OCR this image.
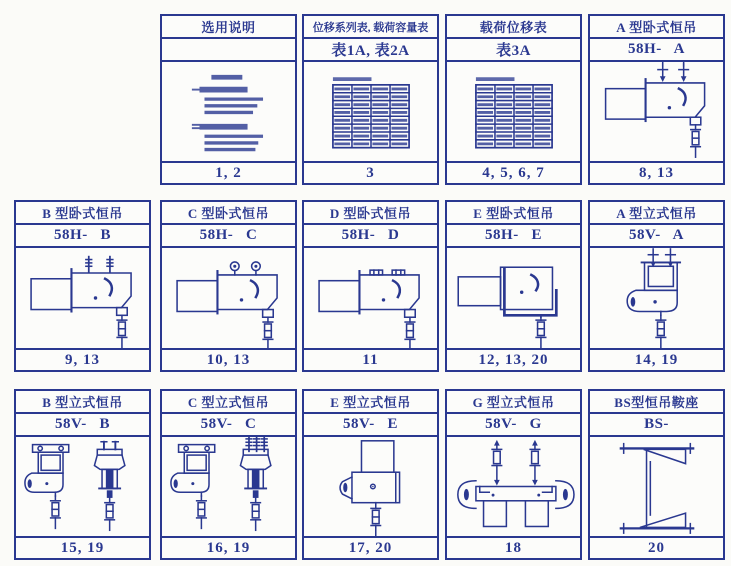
选用说明
1, 2
位移系列表, 载荷容量表
表1A, 表2A
3
载荷位移表
表3A
4, 5, 6, 7
A 型卧式恒吊
58H-   A
8, 13
B 型卧式恒吊
58H-   B
9, 13
C 型卧式恒吊
58H-   C
10, 13
D 型卧式恒吊
58H-   D
11
E 型卧式恒吊
58H-   E
12, 13, 20
A 型立式恒吊
58V-   A
14, 19
B 型立式恒吊
58V-   B
15, 19
C 型立式恒吊
58V-   C
16, 19
E 型立式恒吊
58V-   E
17, 20
G 型立式恒吊
58V-   G
18
BS型恒吊鞍座
BS-
20
